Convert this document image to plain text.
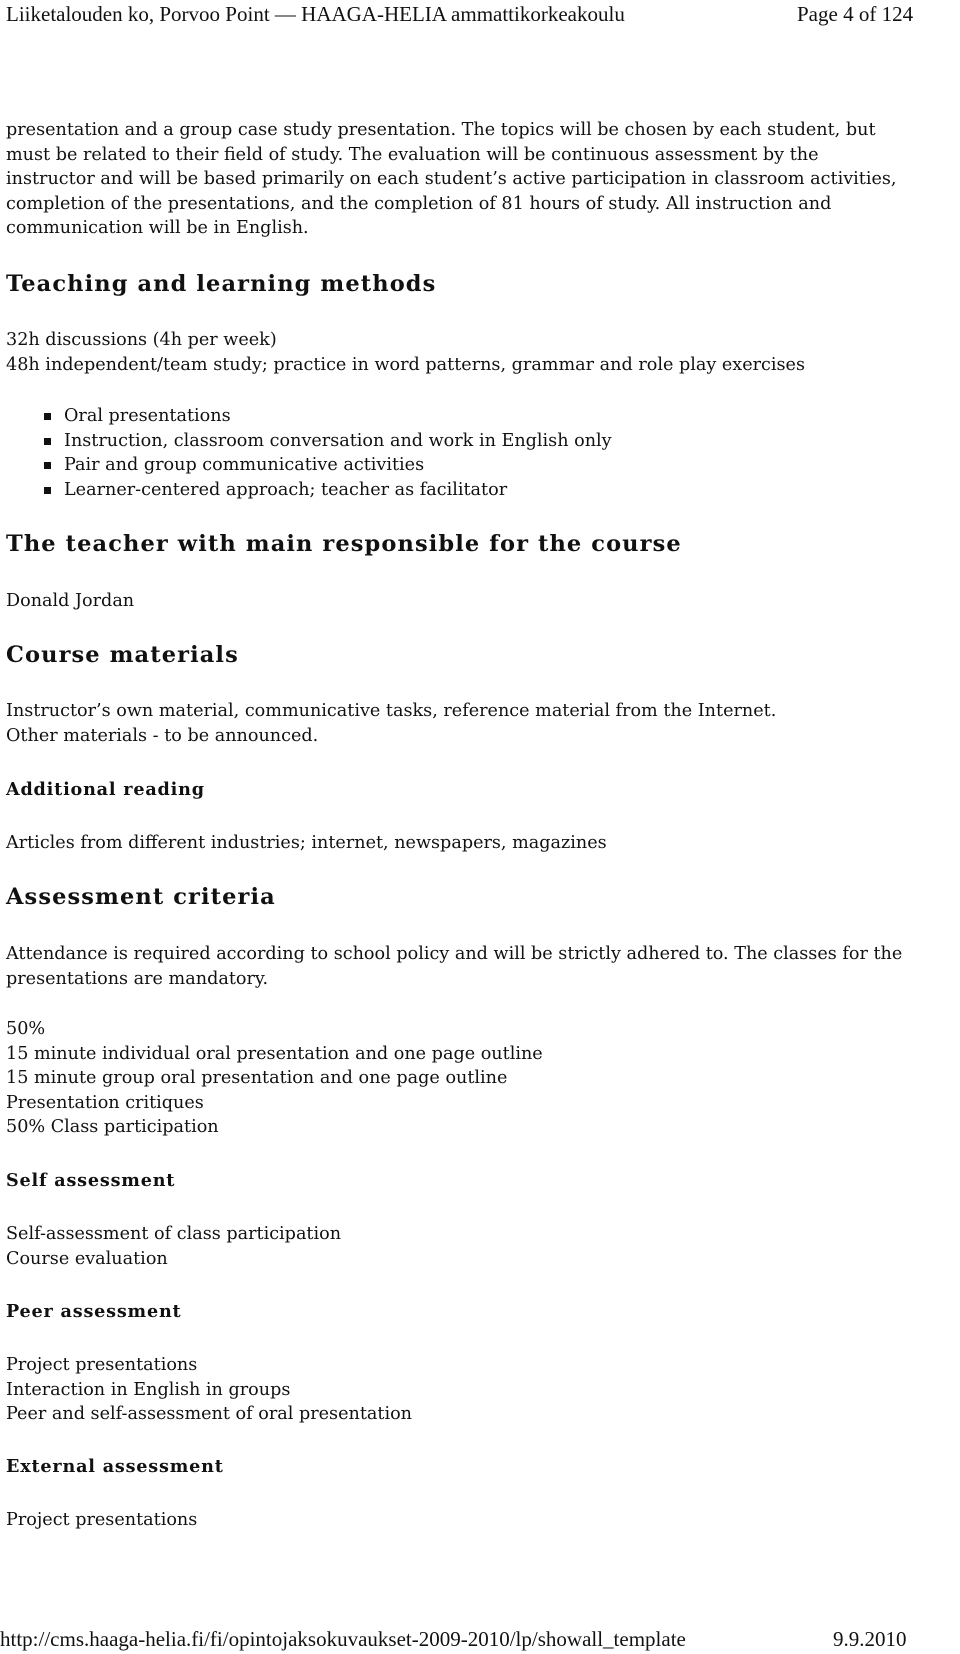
Liiketalouden ko, Porvoo Point — HAAGA-HELIA ammattikorkeakoulu	Page 4 of 124
presentation and a group case study presentation. The topics will be chosen by each student, but
must be related to their field of study. The evaluation will be continuous assessment by the
instructor and will be based primarily on each student’s active participation in classroom activities,
completion of the presentations, and the completion of 81 hours of study. All instruction and
communication will be in English.
Teaching and learning methods
32h discussions (4h per week)
48h independent/team study; practice in word patterns, grammar and role play exercises
Oral presentations
Instruction, classroom conversation and work in English only
Pair and group communicative activities
Learner-centered approach; teacher as facilitator
The teacher with main responsible for the course
Donald Jordan
Course materials
Instructor’s own material, communicative tasks, reference material from the Internet.
Other materials - to be announced.
Additional reading
Articles from different industries; internet, newspapers, magazines
Assessment criteria
Attendance is required according to school policy and will be strictly adhered to. The classes for the
presentations are mandatory.
50%
15 minute individual oral presentation and one page outline
15 minute group oral presentation and one page outline
Presentation critiques
50% Class participation
Self assessment
Self-assessment of class participation
Course evaluation
Peer assessment
Project presentations
Interaction in English in groups
Peer and self-assessment of oral presentation
External assessment
Project presentations
http://cms.haaga-helia.fi/fi/opintojaksokuvaukset-2009-2010/lp/showall_template	9.9.2010
